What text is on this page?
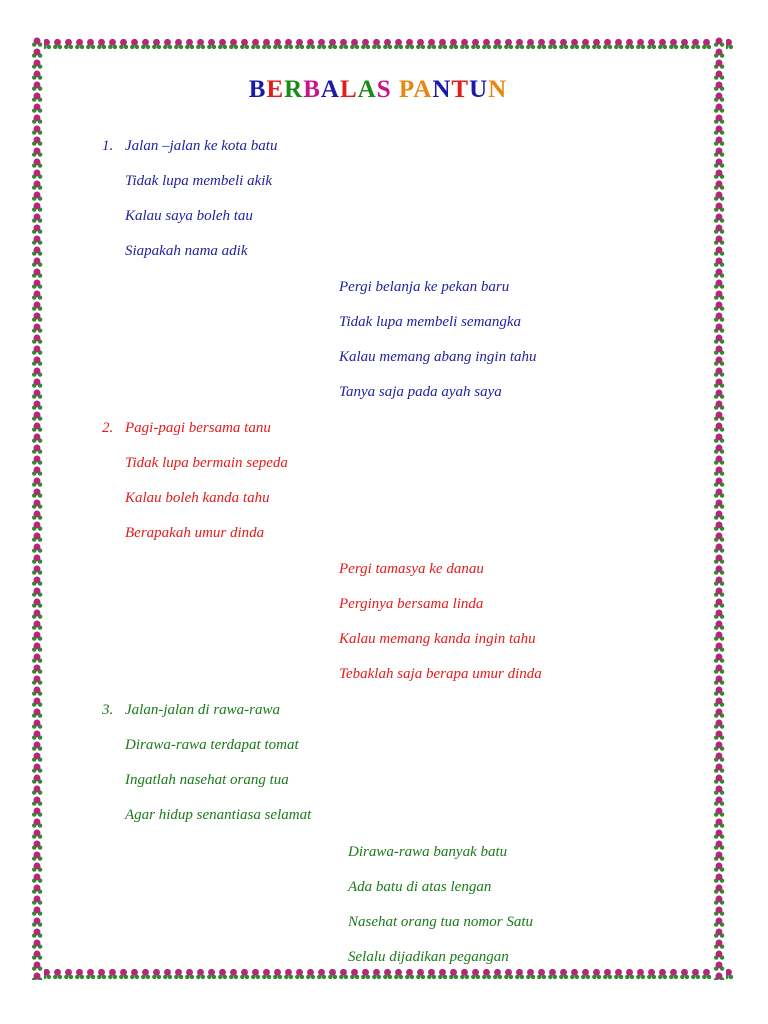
BERBALAS PANTUN

1. Jalan –jalan ke kota batu

Tidak lupa membeli akik

Kalau saya boleh tau

Siapakah nama adik

Pergi belanja ke pekan baru

Tidak lupa membeli semangka

Kalau memang abang ingin tahu

Tanya saja pada ayah saya

2. Pagi-pagi bersama tanu

Tidak lupa bermain sepeda

Kalau boleh kanda tahu

Berapakah umur dinda

Pergi tamasya ke danau

Perginya bersama linda

Kalau memang kanda ingin tahu

Tebaklah saja berapa umur dinda

3. Jalan-jalan di rawa-rawa

Dirawa-rawa terdapat tomat

Ingatlah nasehat orang tua

Agar hidup senantiasa selamat

Dirawa-rawa banyak batu

Ada batu di atas lengan

Nasehat orang tua nomor Satu

Selalu dijadikan pegangan
